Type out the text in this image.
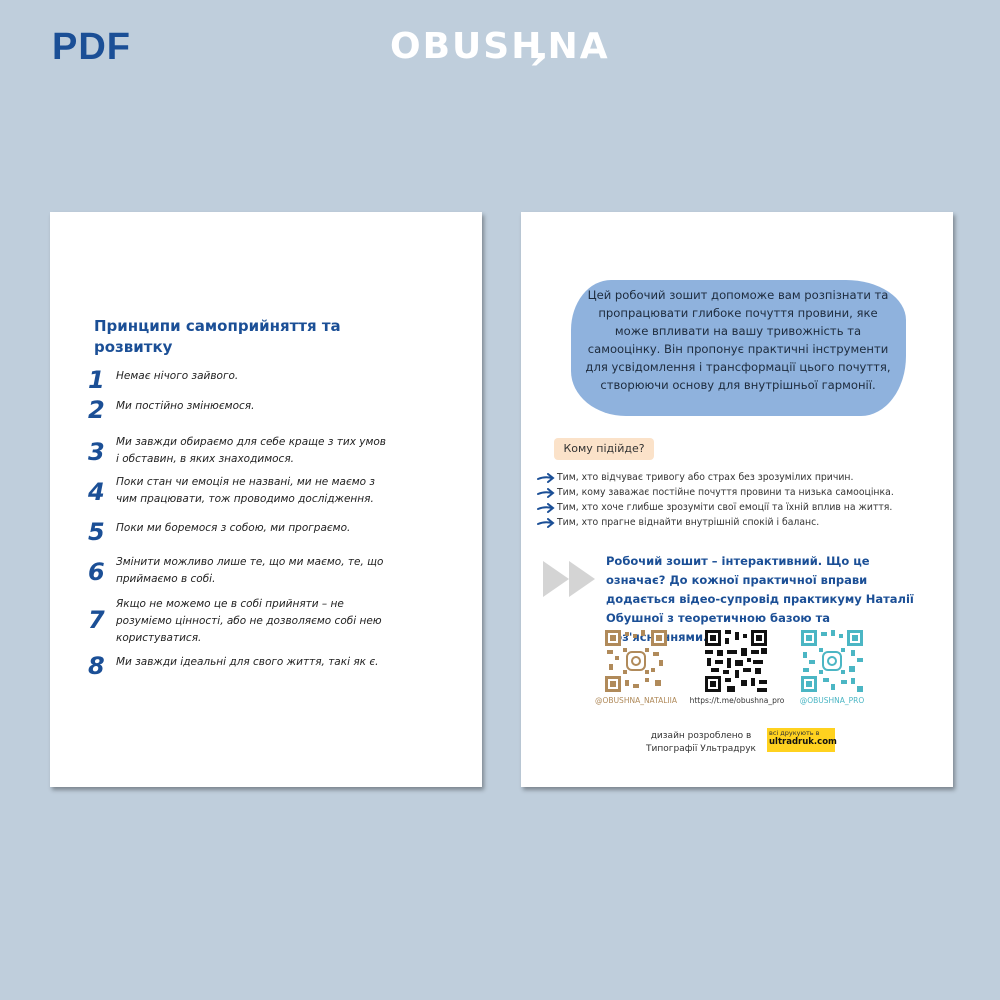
PDF	OBUSӉNA
Принципи самоприйняття та розвитку
1	Немає нічого зайвого.
2	Ми постійно змінюємося.
3	Ми завжди обираємо для себе краще з тих умов і обставин, в яких знаходимося.
4	Поки стан чи емоція не названі, ми не маємо з чим працювати, тож проводимо дослідження.
5	Поки ми боремося з собою, ми програємо.
6	Змінити можливо лише те, що ми маємо, те, що приймаємо в собі.
7
Якщо не можемо це в собі прийняти – не розуміємо цінності, або не дозволяємо собі нею користуватися.
8	Ми завжди ідеальні для свого життя, такі як є.
Цей робочий зошит допоможе вам розпізнати та пропрацювати глибоке почуття провини, яке може впливати на вашу тривожність та самооцінку. Він пропонує практичні інструменти для усвідомлення і трансформації цього почуття, створюючи основу для внутрішньої гармонії.
Кому підійде?
Тим, хто відчуває тривогу або страх без зрозумілих причин.
Тим, кому заважає постійне почуття провини та низька самооцінка.
Тим, хто хоче глибше зрозуміти свої емоції та їхній вплив на життя.
Тим, хто прагне віднайти внутрішній спокій і баланс.
Робочий зошит – інтерактивний. Що це означає? До кожної практичної вправи додається відео-супровід практикуму Наталії Обушної з теоретичною базою та
@OBUSHNA_NATALIIA	https://t.me/obushna_pro	@OBUSHNA_PRO
дизайн розроблено в Типографії Ультрадрук
всі друкують в
ultradruk.com
